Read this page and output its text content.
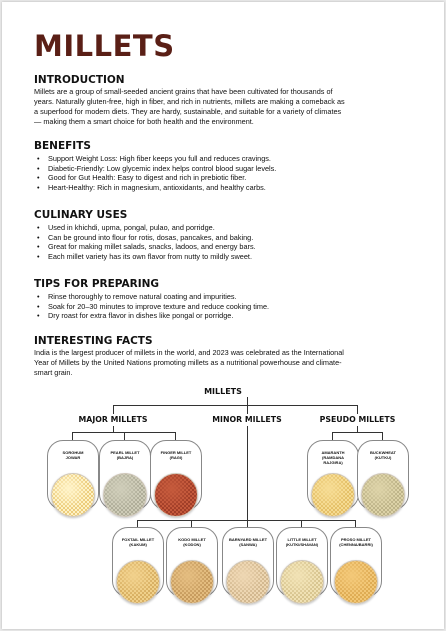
MILLETS
INTRODUCTION

Millets are a group of small-seeded ancient grains that have been cultivated for thousands of
years. Naturally gluten-free, high in fiber, and rich in nutrients, millets are making a comeback as
a superfood for modern diets. They are hardy, sustainable, and suitable for a variety of climates
— making them a smart choice for both health and the environment.

BENEFITS
• Support Weight Loss: High fiber keeps you full and reduces cravings.
• Diabetic-Friendly: Low glycemic index helps control blood sugar levels.
• Good for Gut Health: Easy to digest and rich in prebiotic fiber.
• Heart-Healthy: Rich in magnesium, antioxidants, and healthy carbs.
CULINARY USES
• Used in khichdi, upma, pongal, pulao, and porridge.
• Can be ground into flour for rotis, dosas, pancakes, and baking.
• Great for making millet salads, snacks, ladoos, and energy bars.
• Each millet variety has its own flavor from nutty to mildly sweet.
TIPS FOR PREPARING
• Rinse thoroughly to remove natural coating and impurities.
• Soak for 20–30 minutes to improve texture and reduce cooking time.
• Dry roast for extra flavor in dishes like pongal or porridge.
INTERESTING FACTS

India is the largest producer of millets in the world, and 2023 was celebrated as the International
Year of Millets by the United Nations promoting millets as a nutritional powerhouse and climate-
smart grain.

MILLETS
MAJOR MILLETS	MINOR MILLETS	PSEUDO MILLETS
SORGHUM
JOWAR
PEARL MILLET
(BAJRA)
FINGER MILLET
(RAGI)
AMARANTH
(RAMDANA
RAJGIRA)
BUCKWHEAT
(KUTKU)
FOXTAIL MILLET
(KAKUM)
KODO MILLET
(KODON)
BARNYARD MILLET
(SANWA)
LITTLE MILLET
(KUTKI/SHAVAN)
PROSO MILLET
(CHENNA/BARRI)
